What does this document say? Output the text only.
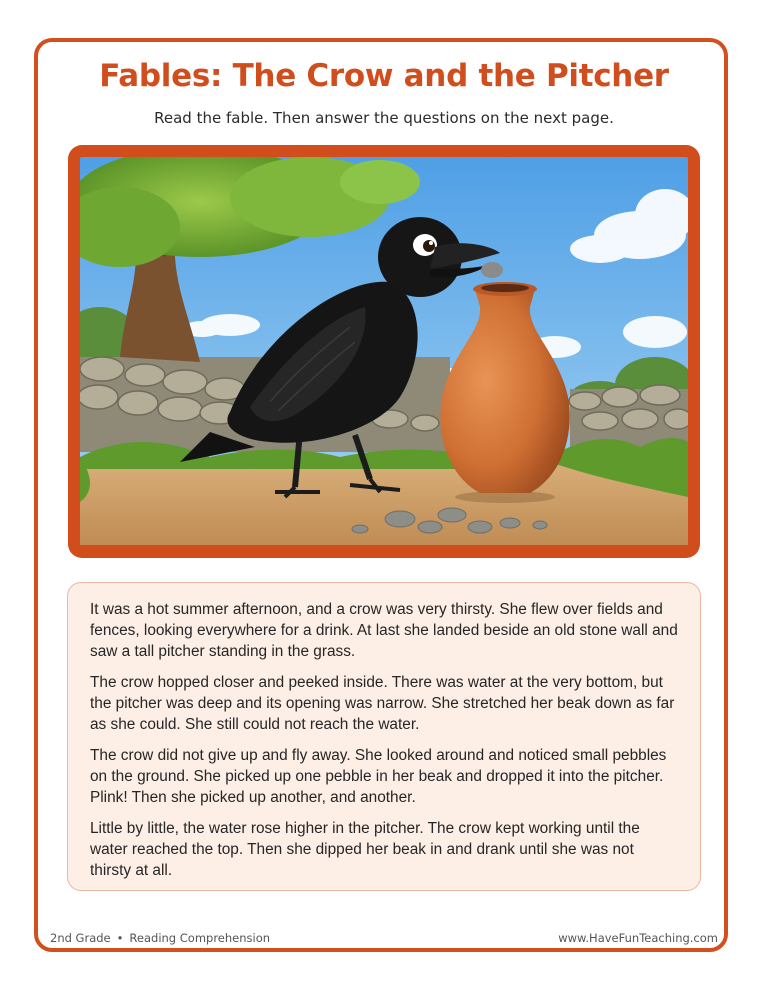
Fables: The Crow and the Pitcher
Read the fable. Then answer the questions on the next page.

It was a hot summer afternoon, and a crow was very thirsty. She flew over fields and fences, looking everywhere for a drink. At last she landed beside an old stone wall and saw a tall pitcher standing in the grass.

The crow hopped closer and peeked inside. There was water at the very bottom, but the pitcher was deep and its opening was narrow. She stretched her beak down as far as she could. She still could not reach the water.

The crow did not give up and fly away. She looked around and noticed small pebbles on the ground. She picked up one pebble in her beak and dropped it into the pitcher. Plink! Then she picked up another, and another.

Little by little, the water rose higher in the pitcher. The crow kept working until the water reached the top. Then she dipped her beak in and drank until she was not thirsty at all.

2nd Grade • Reading Comprehension	www.HaveFunTeaching.com
